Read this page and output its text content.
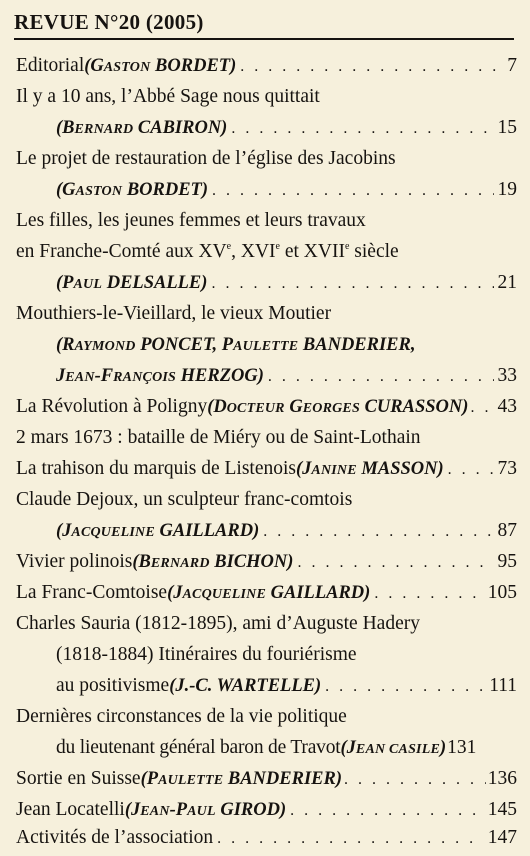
REVUE N°20 (2005)
Editorial (GASTON BORDET) . . .	7
Il y a 10 ans, l’Abbé Sage nous quittait
(BERNARD CABIRON) . . .	15
Le projet de restauration de l’église des Jacobins
(GASTON BORDET) . . .	19
Les filles, les jeunes femmes et leurs travaux
en Franche-Comté aux XVe, XVIe et XVIIe siècle
(PAUL DELSALLE) . . .	21
Mouthiers-le-Vieillard, le vieux Moutier
(RAYMOND PONCET, PAULETTE BANDERIER,
JEAN-FRANÇOIS HERZOG) . . .	33
La Révolution à Poligny (DOCTEUR GEORGES CURASSON) . . . 43
2 mars 1673 : bataille de Miéry ou de Saint-Lothain
La trahison du marquis de Listenois (JANINE MASSON) . . .	73
Claude Dejoux, un sculpteur franc-comtois
(JACQUELINE GAILLARD) . . .	87
Vivier polinois (BERNARD BICHON) . . .	95
La Franc-Comtoise (JACQUELINE GAILLARD) . . .	105
Charles Sauria (1812-1895), ami d’Auguste Hadery
(1818-1884) Itinéraires du fouriérisme
au positivisme (J.-C. WARTELLE) . . .	111
Dernières circonstances de la vie politique
du lieutenant général baron de Travot (JEAN CASILE) 131
Sortie en Suisse (PAULETTE BANDERIER) . . .	136
Jean Locatelli (JEAN-PAUL GIROD) . . .	145
Activités de l’association . . .	147
